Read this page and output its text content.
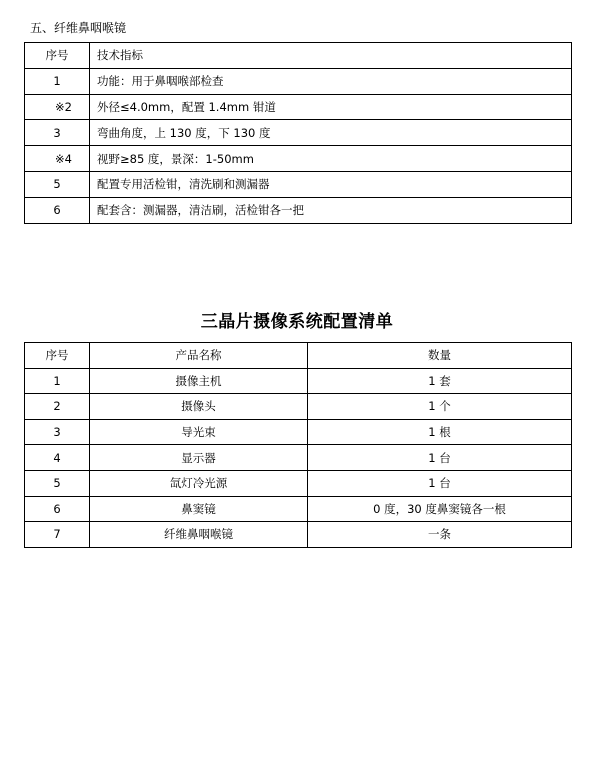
五、纤维鼻咽喉镜
序号	技术指标
1	功能：用于鼻咽喉部检查
※2	外径≤4.0mm，配置 1.4mm 钳道
3	弯曲角度，上 130 度，下 130 度
※4	视野≥85 度，景深：1-50mm
5	配置专用活检钳，清洗刷和测漏器
6	配套含：测漏器，清洁刷，活检钳各一把
三晶片摄像系统配置清单
序号	产品名称	数量
1	摄像主机	1 套
2	摄像头	1 个
3	导光束	1 根
4	显示器	1 台
5	氙灯冷光源	1 台
6	鼻窦镜	0 度，30 度鼻窦镜各一根
7	纤维鼻咽喉镜	一条
